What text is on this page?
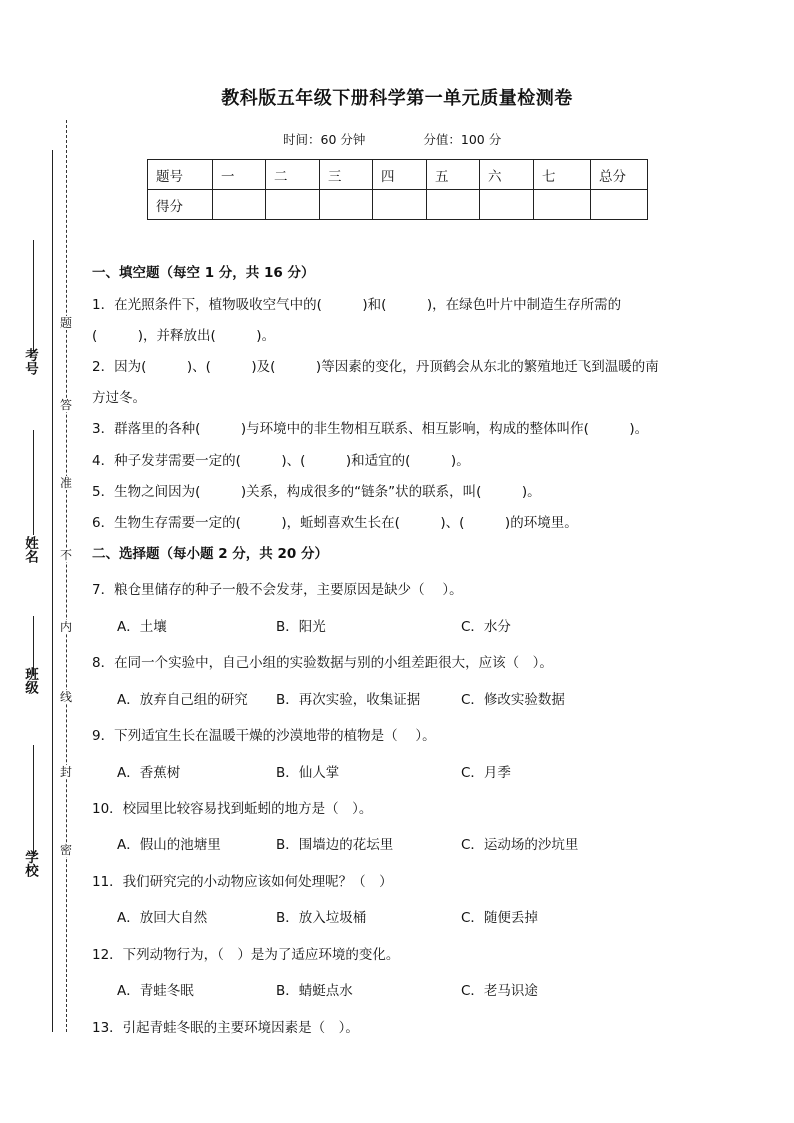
考号
姓名
班级
学校
题
答
准
不
内
线
封
密
教科版五年级下册科学第一单元质量检测卷
时间：60 分钟	分值：100 分
题号	一	二	三	四	五	六	七	总分
得分								
一、填空题（每空 1 分，共 16 分）
1．在光照条件下，植物吸收空气中的(　　　)和(　　　)，在绿色叶片中制造生存所需的
(　　　)，并释放出(　　　)。
2．因为(　　　)、(　　　)及(　　　)等因素的变化，丹顶鹤会从东北的繁殖地迁飞到温暖的南
方过冬。
3．群落里的各种(　　　)与环境中的非生物相互联系、相互影响，构成的整体叫作(　　　)。
4．种子发芽需要一定的(　　　)、(　　　)和适宜的(　　　)。
5．生物之间因为(　　　)关系，构成很多的“链条”状的联系，叫(　　　)。
6．生物生存需要一定的(　　　)，蚯蚓喜欢生长在(　　　)、(　　　)的环境里。
二、选择题（每小题 2 分，共 20 分）
7．粮仓里储存的种子一般不会发芽，主要原因是缺少（　 ）。
A．土壤	B．阳光	C．水分
8．在同一个实验中，自己小组的实验数据与别的小组差距很大，应该（　）。
A．放弃自己组的研究 B．再次实验，收集证据	C．修改实验数据
9．下列适宜生长在温暖干燥的沙漠地带的植物是（　 ）。
A．香蕉树	B．仙人掌	C．月季
10．校园里比较容易找到蚯蚓的地方是（　）。
A．假山的池塘里	B．围墙边的花坛里	C．运动场的沙坑里
11．我们研究完的小动物应该如何处理呢？（　）
A．放回大自然	B．放入垃圾桶	C．随便丢掉
12．下列动物行为，（　）是为了适应环境的变化。
A．青蛙冬眠	B．蜻蜓点水	C．老马识途
13．引起青蛙冬眠的主要环境因素是（　）。
